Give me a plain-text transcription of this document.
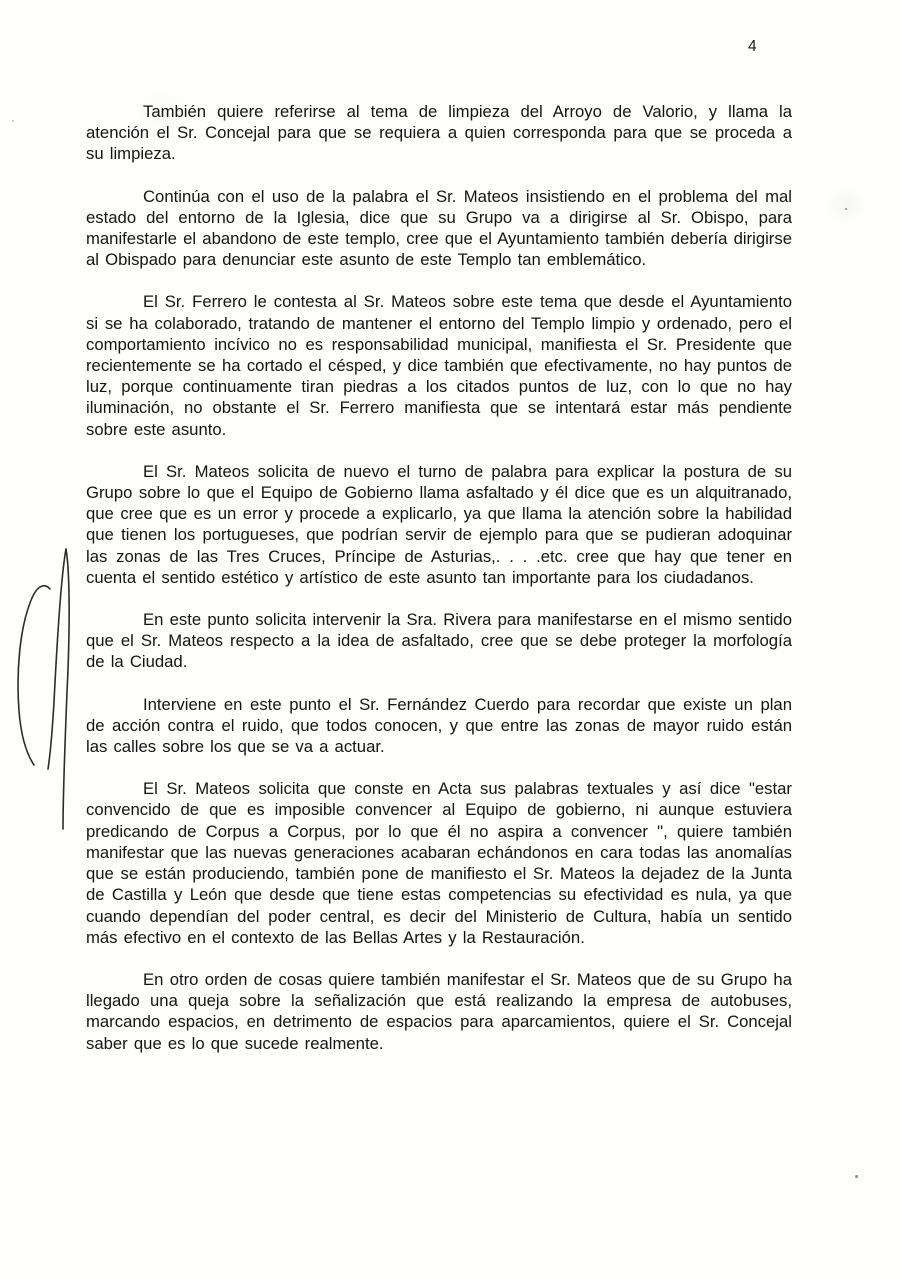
4

También quiere referirse al tema de limpieza del Arroyo de Valorio, y llama la atención el Sr. Concejal para que se requiera a quien corresponda para que se proceda a su limpieza.

Continúa con el uso de la palabra el Sr. Mateos insistiendo en el problema del mal estado del entorno de la Iglesia, dice que su Grupo va a dirigirse al Sr. Obispo, para manifestarle el abandono de este templo, cree que el Ayuntamiento también debería dirigirse al Obispado para denunciar este asunto de este Templo tan emblemático.

El Sr. Ferrero le contesta al Sr. Mateos sobre este tema que desde el Ayuntamiento si se ha colaborado, tratando de mantener el entorno del Templo limpio y ordenado, pero el comportamiento incívico no es responsabilidad municipal, manifiesta el Sr. Presidente que recientemente se ha cortado el césped, y dice también que efectivamente, no hay puntos de luz, porque continuamente tiran piedras a los citados puntos de luz, con lo que no hay iluminación, no obstante el Sr. Ferrero manifiesta que se intentará estar más pendiente sobre este asunto.

El Sr. Mateos solicita de nuevo el turno de palabra para explicar la postura de su Grupo sobre lo que el Equipo de Gobierno llama asfaltado y él dice que es un alquitranado, que cree que es un error y procede a explicarlo, ya que llama la atención sobre la habilidad que tienen los portugueses, que podrían servir de ejemplo para que se pudieran adoquinar las zonas de las Tres Cruces, Príncipe de Asturias,. . . .etc. cree que hay que tener en cuenta el sentido estético y artístico de este asunto tan importante para los ciudadanos.

En este punto solicita intervenir la Sra. Rivera para manifestarse en el mismo sentido que el Sr. Mateos respecto a la idea de asfaltado, cree que se debe proteger la morfología de la Ciudad.

Interviene en este punto el Sr. Fernández Cuerdo para recordar que existe un plan de acción contra el ruido, que todos conocen, y que entre las zonas de mayor ruido están las calles sobre los que se va a actuar.

El Sr. Mateos solicita que conste en Acta sus palabras textuales y así dice "estar convencido de que es imposible convencer al Equipo de gobierno, ni aunque estuviera predicando de Corpus a Corpus, por lo que él no aspira a convencer ", quiere también manifestar que las nuevas generaciones acabaran echándonos en cara todas las anomalías que se están produciendo, también pone de manifiesto el Sr. Mateos la dejadez de la Junta de Castilla y León que desde que tiene estas competencias su efectividad es nula, ya que cuando dependían del poder central, es decir del Ministerio de Cultura, había un sentido más efectivo en el contexto de las Bellas Artes y la Restauración.

En otro orden de cosas quiere también manifestar el Sr. Mateos que de su Grupo ha llegado una queja sobre la señalización que está realizando la empresa de autobuses, marcando espacios, en detrimento de espacios para aparcamientos, quiere el Sr. Concejal saber que es lo que sucede realmente.
